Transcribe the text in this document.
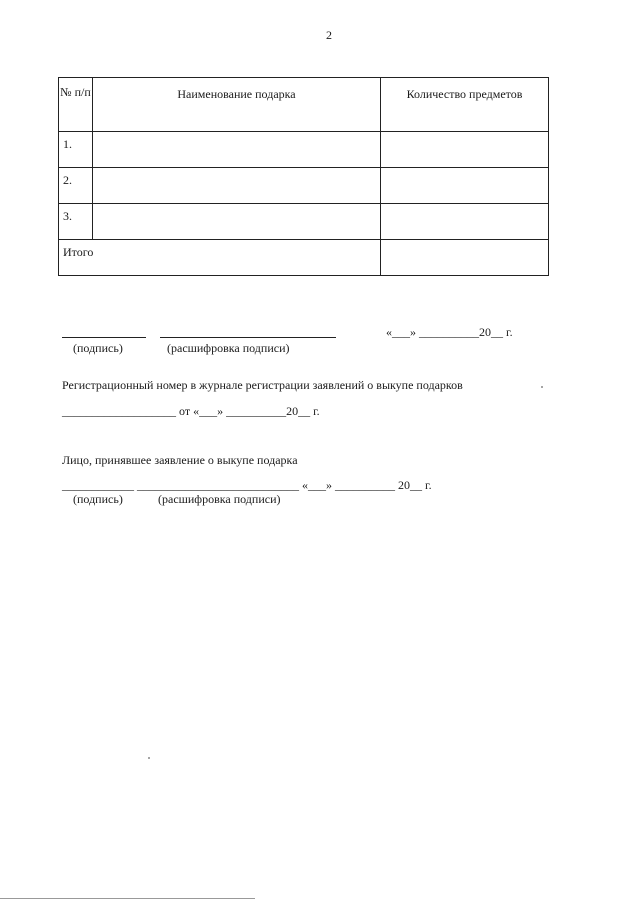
2
№ п/п	Наименование подарка	Количество предметов
1.		
2.		
3.		
Итого		
«___» __________20__ г.
(подпись)	(расшифровка подписи)
Регистрационный номер в журнале регистрации заявлений о выкупе подарков
___________________ от «___» __________20__ г.
Лицо, принявшее заявление о выкупе подарка
____________ ___________________________ «___» __________ 20__ г.
(подпись)	(расшифровка подписи)
